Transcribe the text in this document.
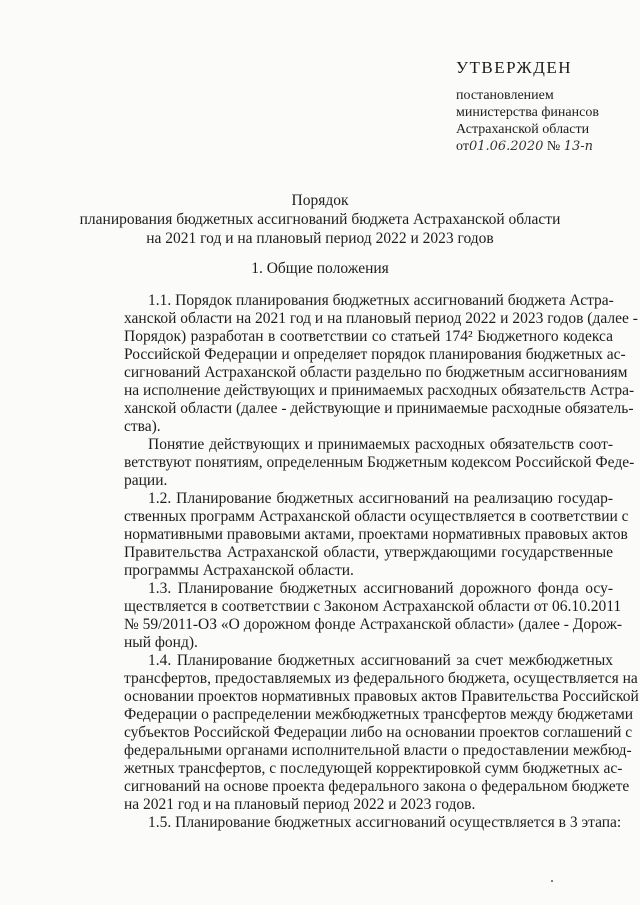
УТВЕРЖДЕН
постановлением
министерства финансов
Астраханской области
от01.06.2020 № 13-п
Порядок
планирования бюджетных ассигнований бюджета Астраханской области
на 2021 год и на плановый период 2022 и 2023 годов
1. Общие положения
1.1. Порядок планирования бюджетных ассигнований бюджета Астра-
ханской области на 2021 год и на плановый период 2022 и 2023 годов (далее -
Порядок) разработан в соответствии со статьей 174² Бюджетного кодекса
Российской Федерации и определяет порядок планирования бюджетных ас-
сигнований Астраханской области раздельно по бюджетным ассигнованиям
на исполнение действующих и принимаемых расходных обязательств Астра-
ханской области (далее - действующие и принимаемые расходные обязатель-
ства).
Понятие действующих и принимаемых расходных обязательств соот-
ветствуют понятиям, определенным Бюджетным кодексом Российской Феде-
рации.
1.2. Планирование бюджетных ассигнований на реализацию государ-
ственных программ Астраханской области осуществляется в соответствии с
нормативными правовыми актами, проектами нормативных правовых актов
Правительства Астраханской области, утверждающими государственные
программы Астраханской области.
1.3. Планирование бюджетных ассигнований дорожного фонда осу-
ществляется в соответствии с Законом Астраханской области от 06.10.2011
№ 59/2011-ОЗ «О дорожном фонде Астраханской области» (далее - Дорож-
ный фонд).
1.4. Планирование бюджетных ассигнований за счет межбюджетных
трансфертов, предоставляемых из федерального бюджета, осуществляется на
основании проектов нормативных правовых актов Правительства Российской
Федерации о распределении межбюджетных трансфертов между бюджетами
субъектов Российской Федерации либо на основании проектов соглашений с
федеральными органами исполнительной власти о предоставлении межбюд-
жетных трансфертов, с последующей корректировкой сумм бюджетных ас-
сигнований на основе проекта федерального закона о федеральном бюджете
на 2021 год и на плановый период 2022 и 2023 годов.
1.5. Планирование бюджетных ассигнований осуществляется в 3 этапа:
